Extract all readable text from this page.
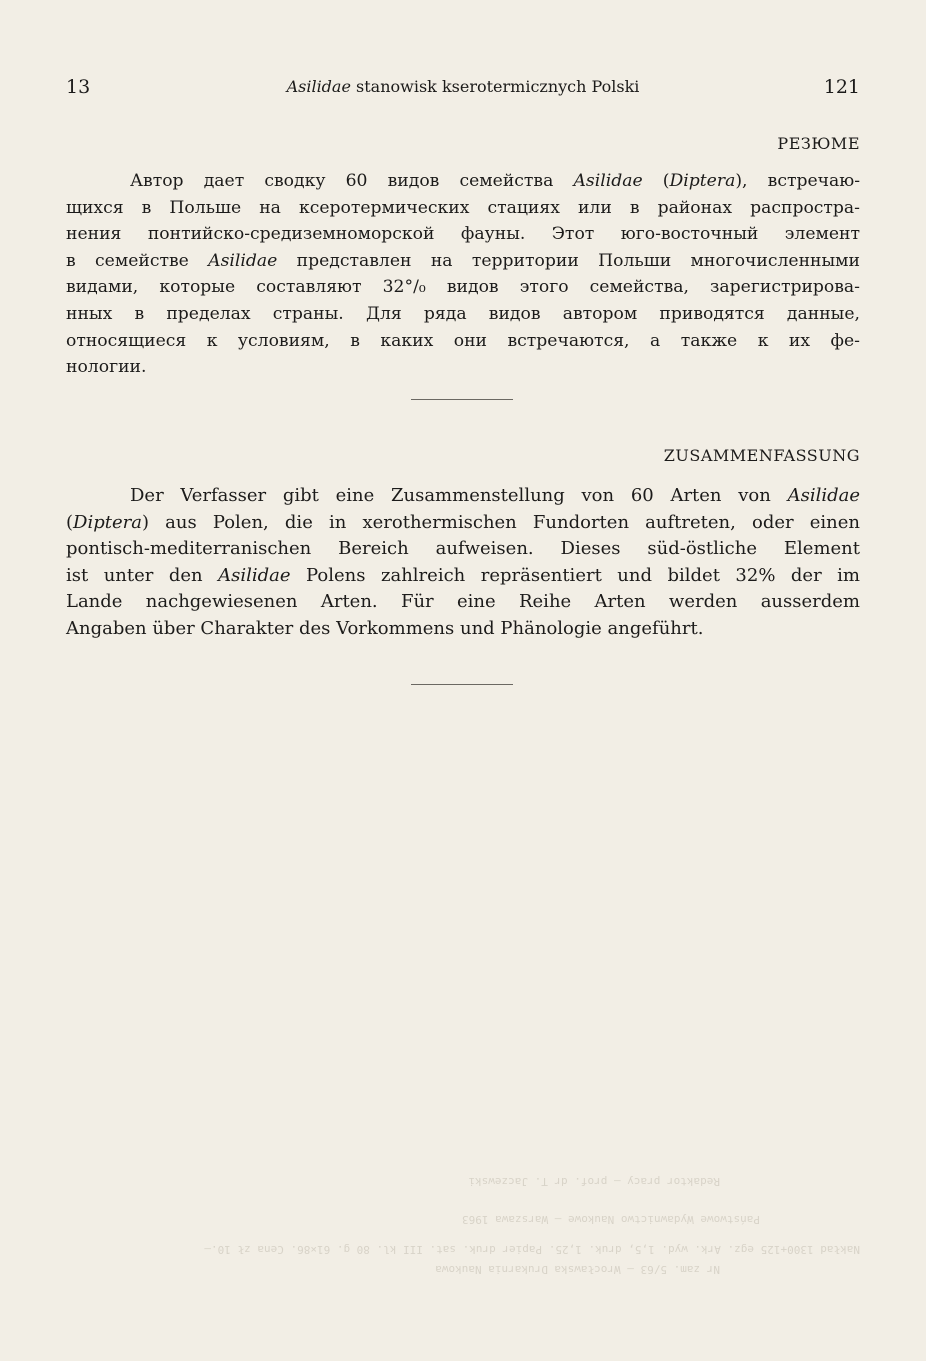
13	Asilidae stanowisk kserotermicznych Polski	121
РЕЗЮМЕ
Автор дает сводку 60 видов семейства Asilidae (Diptera), встречаю-
щихся в Польше на ксеротермических стациях или в районах распростра-
нения понтийско-средиземноморской фауны. Этот юго-восточный элемент
в семействе Asilidae представлен на территории Польши многочисленными
видами, которые составляют 32°/₀ видов этого семейства, зарегистрирова-
нных в пределах страны. Для ряда видов автором приводятся данные,
относящиеся к условиям, в каких они встречаются, а также к их фе-
нологии.
ZUSAMMENFASSUNG
Der Verfasser gibt eine Zusammenstellung von 60 Arten von Asilidae
(Diptera) aus Polen, die in xerothermischen Fundorten auftreten, oder einen
pontisch-mediterranischen Bereich aufweisen. Dieses süd-östliche Element
ist unter den Asilidae Polens zahlreich repräsentiert und bildet 32% der im
Lande nachgewiesenen Arten. Für eine Reihe Arten werden ausserdem
Angaben über Charakter des Vorkommens und Phänologie angeführt.
Redaktor pracy — prof. dr T. Jaczewski
Państwowe Wydawnictwo Naukowe — Warszawa 1963
Nakład 1300+125 egz. Ark. wyd. 1,5, druk. 1,25. Papier druk. sat. III kl. 80 g. 61×86. Cena zł 10.—
Nr zam. 5/63 — Wrocławska Drukarnia Naukowa
